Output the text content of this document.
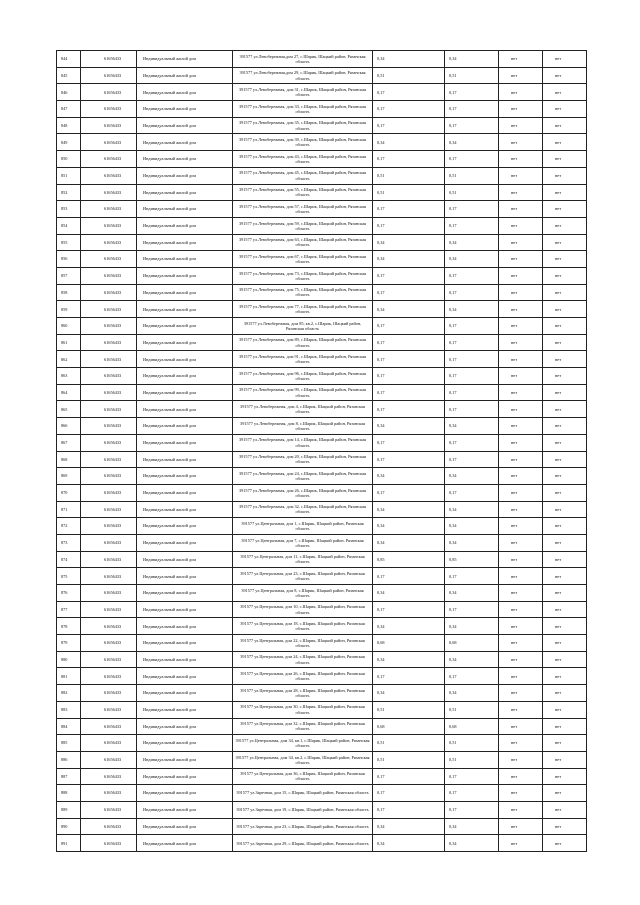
844	61656433	Индивидуальный жилой дом	391577 ул.Левобережная,дом 27, с.Шарик, Шацкий район, Рязанская область	0,34	0,34	нет	нет
845	61656433	Индивидуальный жилой дом	391577 ул.Левобережная,дом 29, с.Шарик, Шацкий район, Рязанская область	0,51	0,51	нет	нет
846	61656433	Индивидуальный жилой дом	391577 ул.Левобережная, дом 31, с.Шарик, Шацкий район, Рязанская область	0,17	0,17	нет	нет
847	61656433	Индивидуальный жилой дом	391577 ул.Левобережная, дом 33, с.Шарик, Шацкий район, Рязанская область	0,17	0,17	нет	нет
848	61656433	Индивидуальный жилой дом	391577 ул.Левобережная, дом 35, с.Шарик, Шацкий район, Рязанская область	0,17	0,17	нет	нет
849	61656433	Индивидуальный жилой дом	391577 ул.Левобережная, дом 39, с.Шарик, Шацкий район, Рязанская область	0,34	0,34	нет	нет
850	61656433	Индивидуальный жилой дом	391577 ул.Левобережная, дом 43, с.Шарик, Шацкий район, Рязанская область	0,17	0,17	нет	нет
851	61656433	Индивидуальный жилой дом	391577 ул.Левобережная, дом 45, с.Шарик, Шацкий район, Рязанская область	0,51	0,51	нет	нет
852	61656433	Индивидуальный жилой дом	391577 ул.Левобережная, дом 55, с.Шарик, Шацкий район, Рязанская область	0,51	0,51	нет	нет
853	61656433	Индивидуальный жилой дом	391577 ул.Левобережная, дом 57, с.Шарик, Шацкий район, Рязанская область	0,17	0,17	нет	нет
854	61656433	Индивидуальный жилой дом	391577 ул.Левобережная, дом 59, с.Шарик, Шацкий район, Рязанская область	0,17	0,17	нет	нет
855	61656433	Индивидуальный жилой дом	391577 ул.Левобережная, дом 63, с.Шарик, Шацкий район, Рязанская область	0,34	0,34	нет	нет
856	61656433	Индивидуальный жилой дом	391577 ул.Левобережная, дом 67, с.Шарик, Шацкий район, Рязанская область	0,34	0,34	нет	нет
857	61656433	Индивидуальный жилой дом	391577 ул.Левобережная, дом 73, с.Шарик, Шацкий район, Рязанская область	0,17	0,17	нет	нет
858	61656433	Индивидуальный жилой дом	391577 ул.Левобережная, дом 75, с.Шарик, Шацкий район, Рязанская область	0,17	0,17	нет	нет
859	61656433	Индивидуальный жилой дом	391577 ул.Левобережная, дом 77, с.Шарик, Шацкий район, Рязанская область	0,34	0,34	нет	нет
860	61656433	Индивидуальный жилой дом	391577 ул.Левобережная, дом 85, кв.2, с.Шарик, Шацкий район, Рязанская область	0,17	0,17	нет	нет
861	61656433	Индивидуальный жилой дом	391577 ул.Левобережная, дом 89, с.Шарик, Шацкий район, Рязанская область	0,17	0,17	нет	нет
862	61656433	Индивидуальный жилой дом	391577 ул.Левобережная, дом 91, с.Шарик, Шацкий район, Рязанская область	0,17	0,17	нет	нет
863	61656433	Индивидуальный жилой дом	391577 ул.Левобережная, дом 96, с.Шарик, Шацкий район, Рязанская область	0,17	0,17	нет	нет
864	61656433	Индивидуальный жилой дом	391577 ул.Левобережная, дом 99, с.Шарик, Шацкий район, Рязанская область	0,17	0,17	нет	нет
865	61656433	Индивидуальный жилой дом	391577 ул.Левобережная, дом 4, с.Шарик, Шацкий район, Рязанская область	0,17	0,17	нет	нет
866	61656433	Индивидуальный жилой дом	391577 ул.Левобережная, дом 8, с.Шарик, Шацкий район, Рязанская область	0,34	0,34	нет	нет
867	61656433	Индивидуальный жилой дом	391577 ул.Левобережная, дом 14, с.Шарик, Шацкий район, Рязанская область	0,17	0,17	нет	нет
868	61656433	Индивидуальный жилой дом	391577 ул.Левобережная, дом 20, с.Шарик, Шацкий район, Рязанская область	0,17	0,17	нет	нет
869	61656433	Индивидуальный жилой дом	391577 ул.Левобережная, дом 24, с.Шарик, Шацкий район, Рязанская область	0,34	0,34	нет	нет
870	61656433	Индивидуальный жилой дом	391577 ул.Левобережная, дом 26, с.Шарик, Шацкий район, Рязанская область	0,17	0,17	нет	нет
871	61656433	Индивидуальный жилой дом	391577 ул.Левобережная, дом 32, с.Шарик, Шацкий район, Рязанская область	0,34	0,34	нет	нет
872	61656433	Индивидуальный жилой дом	391577 ул.Центральная, дом 1, с.Шарик, Шацкий район, Рязанская область	0,34	0,34	нет	нет
873	61656433	Индивидуальный жилой дом	391577 ул.Центральная, дом 7, с.Шарик, Шацкий район, Рязанская область	0,34	0,34	нет	нет
874	61656433	Индивидуальный жилой дом	391577 ул.Центральная, дом 11, с.Шарик, Шацкий район, Рязанская область	0,85	0,85	нет	нет
875	61656433	Индивидуальный жилой дом	391577 ул.Центральная, дом 23, с.Шарик, Шацкий район, Рязанская область	0,17	0,17	нет	нет
876	61656433	Индивидуальный жилой дом	391577 ул.Центральная, дом 8, с.Шарик, Шацкий район, Рязанская область	0,34	0,34	нет	нет
877	61656433	Индивидуальный жилой дом	391577 ул.Центральная, дом 10, с.Шарик, Шацкий район, Рязанская область	0,17	0,17	нет	нет
878	61656433	Индивидуальный жилой дом	391577 ул.Центральная, дом 18, с.Шарик, Шацкий район, Рязанская область	0,34	0,34	нет	нет
879	61656433	Индивидуальный жилой дом	391577 ул.Центральная, дом 22, с.Шарик, Шацкий район, Рязанская область	0,68	0,68	нет	нет
880	61656433	Индивидуальный жилой дом	391577 ул.Центральная, дом 24, с.Шарик, Шацкий район, Рязанская область	0,34	0,34	нет	нет
881	61656433	Индивидуальный жилой дом	391577 ул.Центральная, дом 26, с.Шарик, Шацкий район, Рязанская область	0,17	0,17	нет	нет
882	61656433	Индивидуальный жилой дом	391577 ул.Центральная, дом 28, с.Шарик, Шацкий район, Рязанская область	0,34	0,34	нет	нет
883	61656433	Индивидуальный жилой дом	391577 ул.Центральная, дом 30, с.Шарик, Шацкий район, Рязанская область	0,51	0,51	нет	нет
884	61656433	Индивидуальный жилой дом	391577 ул.Центральная, дом 32, с.Шарик, Шацкий район, Рязанская область	0,68	0,68	нет	нет
885	61656433	Индивидуальный жилой дом	391577 ул.Центральная, дом 34, кв.1, с.Шарик, Шацкий район, Рязанская область	0,51	0,51	нет	нет
886	61656433	Индивидуальный жилой дом	391577 ул.Центральная, дом 34, кв.2, с.Шарик, Шацкий район, Рязанская область	0,51	0,51	нет	нет
887	61656433	Индивидуальный жилой дом	391577 ул.Центральная, дом 36, с.Шарик, Шацкий район, Рязанская область	0,17	0,17	нет	нет
888	61656433	Индивидуальный жилой дом	391577 ул.Заречная, дом 15, с.Шарик, Шацкий район, Рязанская область	0,17	0,17	нет	нет
889	61656433	Индивидуальный жилой дом	391577 ул.Заречная, дом 19, с.Шарик, Шацкий район, Рязанская область	0,17	0,17	нет	нет
890	61656433	Индивидуальный жилой дом	391577 ул.Заречная, дом 23, с.Шарик, Шацкий район, Рязанская область	0,34	0,34	нет	нет
891	61656433	Индивидуальный жилой дом	391577 ул.Заречная, дом 29, с.Шарик, Шацкий район, Рязанская область	0,34	0,34	нет	нет
